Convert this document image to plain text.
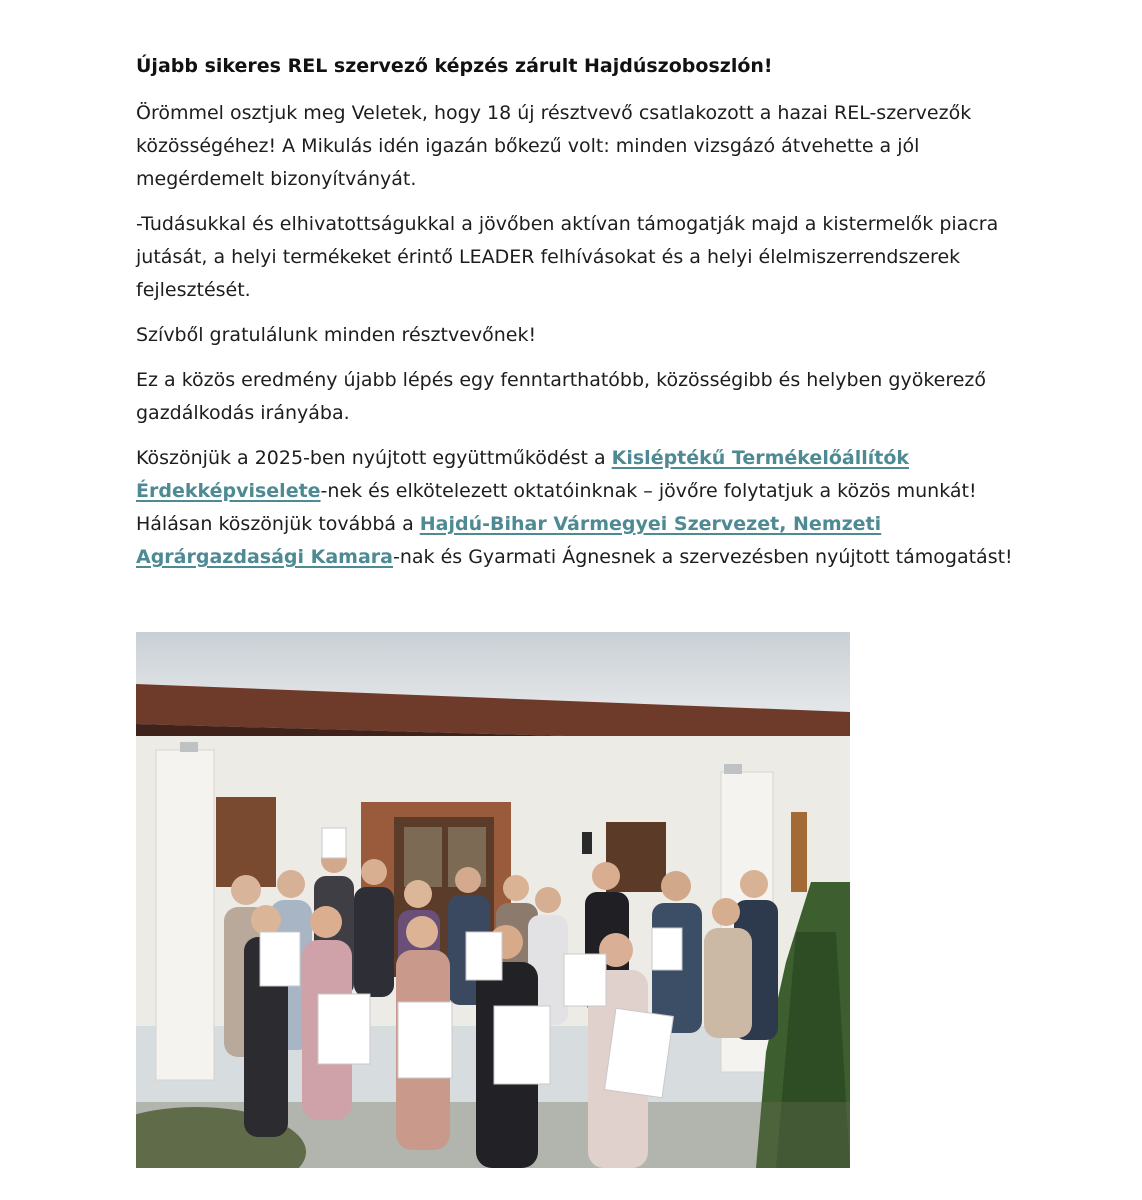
Újabb sikeres REL szervező képzés zárult Hajdúszoboszlón!

Örömmel osztjuk meg Veletek, hogy 18 új résztvevő csatlakozott a hazai REL-szervezők közösségéhez! A Mikulás idén igazán bőkezű volt: minden vizsgázó átvehette a jól megérdemelt bizonyítványát.

-Tudásukkal és elhivatottságukkal a jövőben aktívan támogatják majd a kistermelők piacra jutását, a helyi termékeket érintő LEADER felhívásokat és a helyi élelmiszerrendszerek fejlesztését.

Szívből gratulálunk minden résztvevőnek!

Ez a közös eredmény újabb lépés egy fenntarthatóbb, közösségibb és helyben gyökerező gazdálkodás irányába.

Köszönjük a 2025-ben nyújtott együttműködést a Kisléptékű Termékelőállítók Érdekképviselete-nek és elkötelezett oktatóinknak – jövőre folytatjuk a közös munkát! Hálásan köszönjük továbbá a Hajdú-Bihar Vármegyei Szervezet, Nemzeti Agrárgazdasági Kamara-nak és Gyarmati Ágnesnek a szervezésben nyújtott támogatást!
